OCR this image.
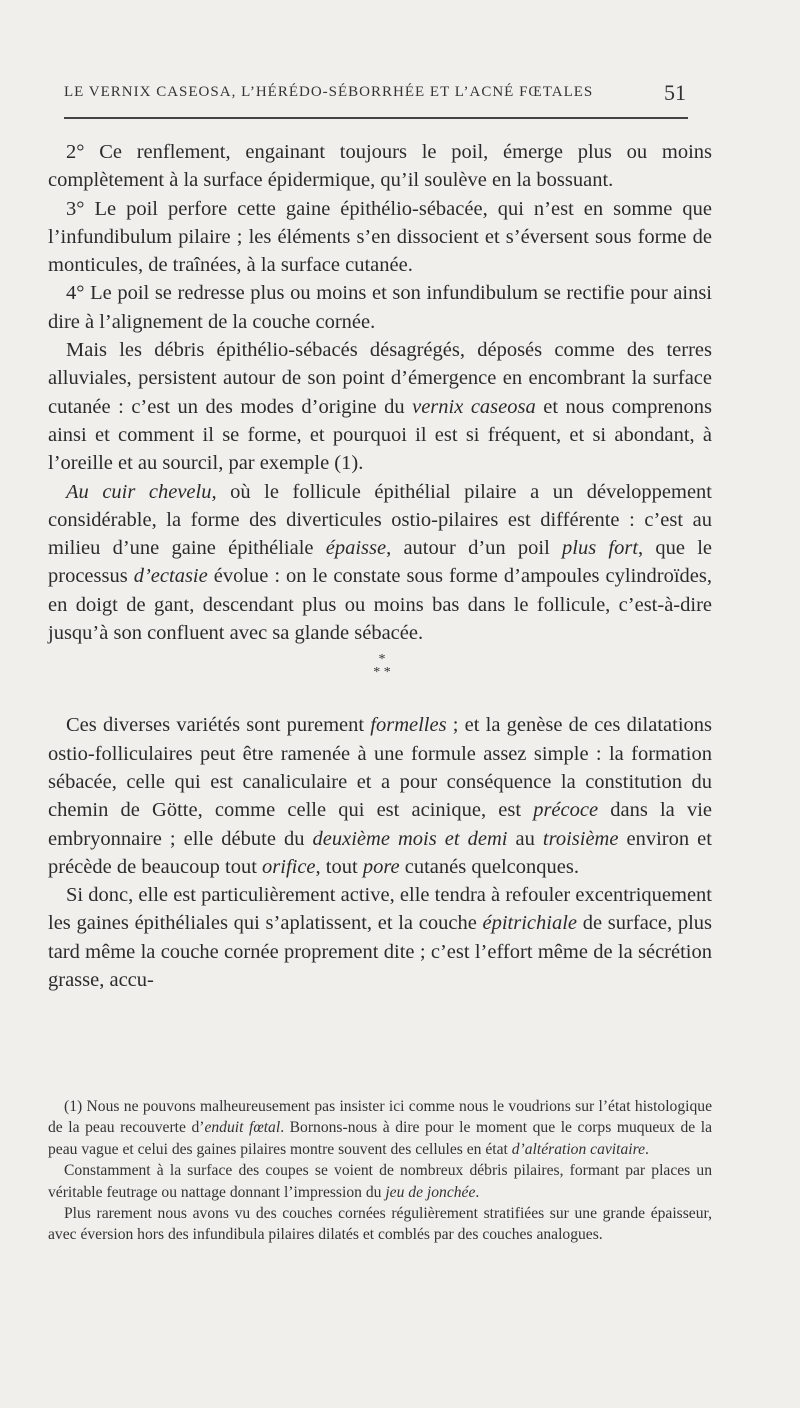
LE VERNIX CASEOSA, L’HÉRÉDO-SÉBORRHÉE ET L’ACNÉ FŒTALES	51

2° Ce renflement, engainant toujours le poil, émerge plus ou moins complètement à la surface épidermique, qu’il soulève en la bossuant.

3° Le poil perfore cette gaine épithélio-sébacée, qui n’est en somme que l’infundibulum pilaire ; les éléments s’en dissocient et s’éversent sous forme de monticules, de traînées, à la surface cutanée.

4° Le poil se redresse plus ou moins et son infundibulum se rectifie pour ainsi dire à l’alignement de la couche cornée.

Mais les débris épithélio-sébacés désagrégés, déposés comme des terres alluviales, persistent autour de son point d’émergence en encombrant la surface cutanée : c’est un des modes d’origine du vernix caseosa et nous comprenons ainsi et comment il se forme, et pourquoi il est si fréquent, et si abondant, à l’oreille et au sourcil, par exemple (1).

Au cuir chevelu, où le follicule épithélial pilaire a un développement considérable, la forme des diverticules ostio-pilaires est différente : c’est au milieu d’une gaine épithéliale épaisse, autour d’un poil plus fort, que le processus d’ectasie évolue : on le constate sous forme d’ampoules cylindroïdes, en doigt de gant, descendant plus ou moins bas dans le follicule, c’est-à-dire jusqu’à son confluent avec sa glande sébacée.

*
* *

Ces diverses variétés sont purement formelles ; et la genèse de ces dilatations ostio-folliculaires peut être ramenée à une formule assez simple : la formation sébacée, celle qui est canaliculaire et a pour conséquence la constitution du chemin de Götte, comme celle qui est acinique, est précoce dans la vie embryonnaire ; elle débute du deuxième mois et demi au troisième environ et précède de beaucoup tout orifice, tout pore cutanés quelconques.

Si donc, elle est particulièrement active, elle tendra à refouler excentriquement les gaines épithéliales qui s’aplatissent, et la couche épitrichiale de surface, plus tard même la couche cornée proprement dite ; c’est l’effort même de la sécrétion grasse, accu-

(1) Nous ne pouvons malheureusement pas insister ici comme nous le voudrions sur l’état histologique de la peau recouverte d’enduit fœtal. Bornons-nous à dire pour le moment que le corps muqueux de la peau vague et celui des gaines pilaires montre souvent des cellules en état d’altération cavitaire.

Constamment à la surface des coupes se voient de nombreux débris pilaires, formant par places un véritable feutrage ou nattage donnant l’impression du jeu de jonchée.

Plus rarement nous avons vu des couches cornées régulièrement stratifiées sur une grande épaisseur, avec éversion hors des infundibula pilaires dilatés et comblés par des couches analogues.
